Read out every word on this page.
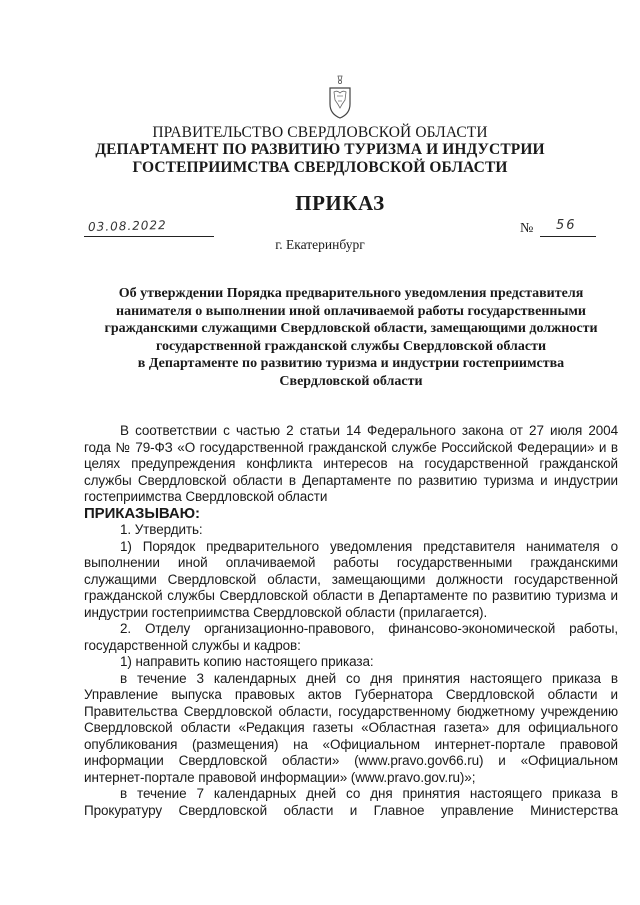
ПРАВИТЕЛЬСТВО СВЕРДЛОВСКОЙ ОБЛАСТИ
ДЕПАРТАМЕНТ ПО РАЗВИТИЮ ТУРИЗМА И ИНДУСТРИИ
ГОСТЕПРИИМСТВА СВЕРДЛОВСКОЙ ОБЛАСТИ
ПРИКАЗ
03.08.2022	№ 56
г. Екатеринбург
Об утверждении Порядка предварительного уведомления представителя
нанимателя о выполнении иной оплачиваемой работы государственными
гражданскими служащими Свердловской области, замещающими должности
государственной гражданской службы Свердловской области
в Департаменте по развитию туризма и индустрии гостеприимства
Свердловской области

В соответствии с частью 2 статьи 14 Федерального закона от 27 июля 2004 года № 79-ФЗ «О государственной гражданской службе Российской Федерации» и в целях предупреждения конфликта интересов на государственной гражданской службы Свердловской области в Департаменте по развитию туризма и индустрии гостеприимства Свердловской области

ПРИКАЗЫВАЮ:

1. Утвердить:

1) Порядок предварительного уведомления представителя нанимателя о выполнении иной оплачиваемой работы государственными гражданскими служащими Свердловской области, замещающими должности государственной гражданской службы Свердловской области в Департаменте по развитию туризма и индустрии гостеприимства Свердловской области (прилагается).

2. Отделу организационно-правового, финансово-экономической работы, государственной службы и кадров:

1) направить копию настоящего приказа:

в течение 3 календарных дней со дня принятия настоящего приказа в Управление выпуска правовых актов Губернатора Свердловской области и Правительства Свердловской области, государственному бюджетному учреждению Свердловской области «Редакция газеты «Областная газета» для официального опубликования (размещения) на «Официальном интернет-портале правовой информации Свердловской области» (www.pravo.gov66.ru) и «Официальном интернет-портале правовой информации» (www.pravo.gov.ru)»;

в течение 7 календарных дней со дня принятия настоящего приказа в Прокуратуру Свердловской области и Главное управление Министерства
